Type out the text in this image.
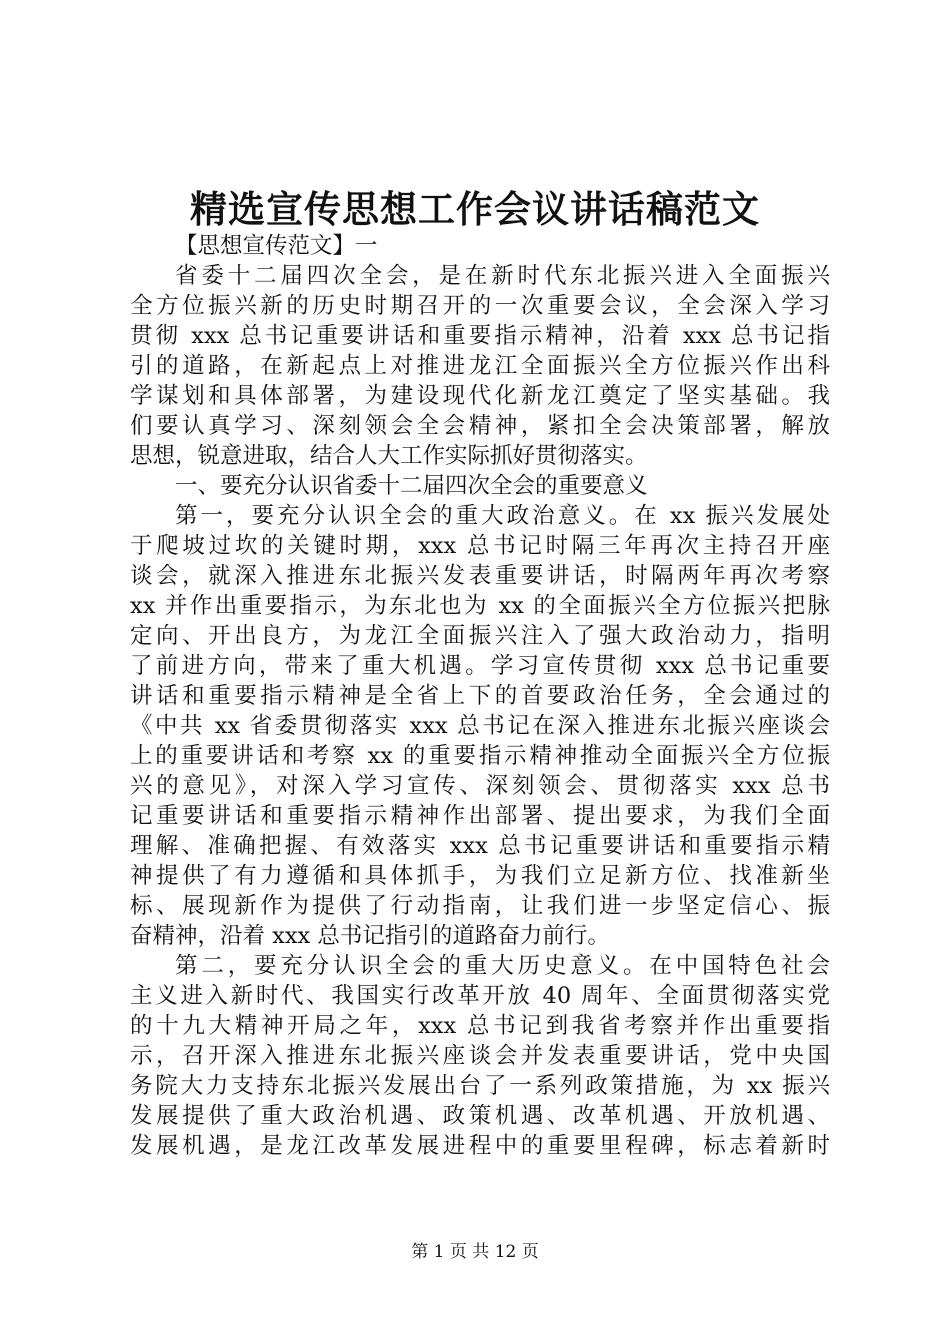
精选宣传思想工作会议讲话稿范文
【思想宣传范文】一
省委十二届四次全会，是在新时代东北振兴进入全面振兴
全方位振兴新的历史时期召开的一次重要会议，全会深入学习
贯彻 xxx 总书记重要讲话和重要指示精神，沿着 xxx 总书记指
引的道路，在新起点上对推进龙江全面振兴全方位振兴作出科
学谋划和具体部署，为建设现代化新龙江奠定了坚实基础。我
们要认真学习、深刻领会全会精神，紧扣全会决策部署，解放
思想，锐意进取，结合人大工作实际抓好贯彻落实。
一、要充分认识省委十二届四次全会的重要意义
第一，要充分认识全会的重大政治意义。在 xx 振兴发展处
于爬坡过坎的关键时期，xxx 总书记时隔三年再次主持召开座
谈会，就深入推进东北振兴发表重要讲话，时隔两年再次考察
xx 并作出重要指示，为东北也为 xx 的全面振兴全方位振兴把脉
定向、开出良方，为龙江全面振兴注入了强大政治动力，指明
了前进方向，带来了重大机遇。学习宣传贯彻 xxx 总书记重要
讲话和重要指示精神是全省上下的首要政治任务，全会通过的
《中共 xx 省委贯彻落实 xxx 总书记在深入推进东北振兴座谈会
上的重要讲话和考察 xx 的重要指示精神推动全面振兴全方位振
兴的意见》，对深入学习宣传、深刻领会、贯彻落实 xxx 总书
记重要讲话和重要指示精神作出部署、提出要求，为我们全面
理解、准确把握、有效落实 xxx 总书记重要讲话和重要指示精
神提供了有力遵循和具体抓手，为我们立足新方位、找准新坐
标、展现新作为提供了行动指南，让我们进一步坚定信心、振
奋精神，沿着 xxx 总书记指引的道路奋力前行。
第二，要充分认识全会的重大历史意义。在中国特色社会
主义进入新时代、我国实行改革开放 40 周年、全面贯彻落实党
的十九大精神开局之年，xxx 总书记到我省考察并作出重要指
示，召开深入推进东北振兴座谈会并发表重要讲话，党中央国
务院大力支持东北振兴发展出台了一系列政策措施，为 xx 振兴
发展提供了重大政治机遇、政策机遇、改革机遇、开放机遇、
发展机遇，是龙江改革发展进程中的重要里程碑，标志着新时
第 1 页 共 12 页
